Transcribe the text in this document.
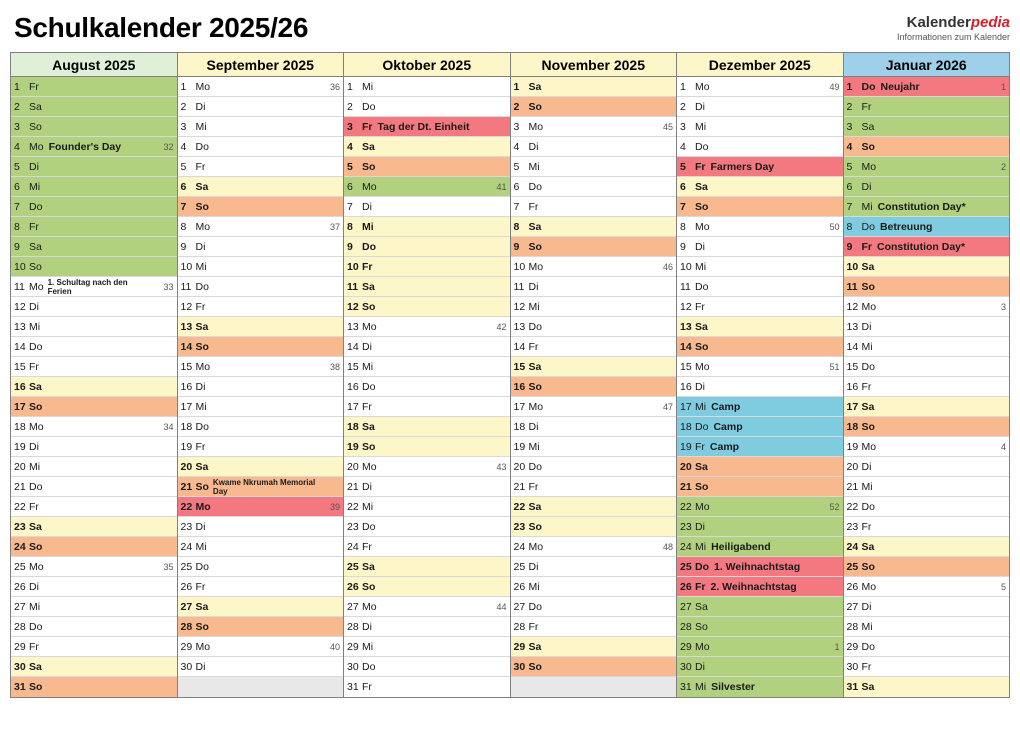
Schulkalender 2025/26	Kalenderpedia
Informationen zum Kalender
August 2025
1 Fr
2 Sa
3 So
4 Mo Founder's Day	32
5 Di
6 Mi
7 Do
8 Fr
9 Sa
10 So
11 Mo 1. Schultag nach den Ferien	33
12 Di
13 Mi
14 Do
15 Fr
16 Sa
17 So
18 Mo	34
19 Di
20 Mi
21 Do
22 Fr
23 Sa
24 So
25 Mo	35
26 Di
27 Mi
28 Do
29 Fr
30 Sa
31 So
September 2025
1 Mo	36
2 Di
3 Mi
4 Do
5 Fr
6 Sa
7 So
8 Mo	37
9 Di
10 Mi
11 Do
12 Fr
13 Sa
14 So
15 Mo	38
16 Di
17 Mi
18 Do
19 Fr
20 Sa
21 So Kwame Nkrumah Memorial Day
22 Mo	39
23 Di
24 Mi
25 Do
26 Fr
27 Sa
28 So
29 Mo	40
30 Di
Oktober 2025
1 Mi
2 Do
3 Fr Tag der Dt. Einheit
4 Sa
5 So
6 Mo	41
7 Di
8 Mi
9 Do
10 Fr
11 Sa
12 So
13 Mo	42
14 Di
15 Mi
16 Do
17 Fr
18 Sa
19 So
20 Mo	43
21 Di
22 Mi
23 Do
24 Fr
25 Sa
26 So
27 Mo	44
28 Di
29 Mi
30 Do
31 Fr
November 2025
1 Sa
2 So
3 Mo	45
4 Di
5 Mi
6 Do
7 Fr
8 Sa
9 So
10 Mo	46
11 Di
12 Mi
13 Do
14 Fr
15 Sa
16 So
17 Mo	47
18 Di
19 Mi
20 Do
21 Fr
22 Sa
23 So
24 Mo	48
25 Di
26 Mi
27 Do
28 Fr
29 Sa
30 So
Dezember 2025
1 Mo	49
2 Di
3 Mi
4 Do
5 Fr Farmers Day
6 Sa
7 So
8 Mo	50
9 Di
10 Mi
11 Do
12 Fr
13 Sa
14 So
15 Mo	51
16 Di
17 Mi Camp
18 Do Camp
19 Fr Camp
20 Sa
21 So
22 Mo	52
23 Di
24 Mi Heiligabend
25 Do 1. Weihnachtstag
26 Fr 2. Weihnachtstag
27 Sa
28 So
29 Mo	1
30 Di
31 Mi Silvester
Januar 2026
1 Do Neujahr	1
2 Fr
3 Sa
4 So
5 Mo	2
6 Di
7 Mi Constitution Day*
8 Do Betreuung
9 Fr Constitution Day*
10 Sa
11 So
12 Mo	3
13 Di
14 Mi
15 Do
16 Fr
17 Sa
18 So
19 Mo	4
20 Di
21 Mi
22 Do
23 Fr
24 Sa
25 So
26 Mo	5
27 Di
28 Mi
29 Do
30 Fr
31 Sa
